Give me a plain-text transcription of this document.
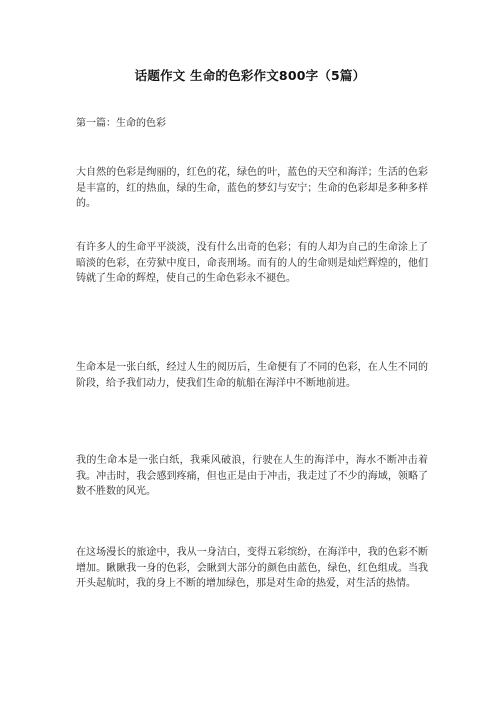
话题作文 生命的色彩作文800字（5篇）
第一篇：生命的色彩
大自然的色彩是绚丽的，红色的花，绿色的叶，蓝色的天空和海洋；生活的色彩是丰富的，红的热血，绿的生命，蓝色的梦幻与安宁；生命的色彩却是多种多样的。
有许多人的生命平平淡淡，没有什么出奇的色彩；有的人却为自己的生命涂上了暗淡的色彩，在劳狱中度日，命丧刑场。而有的人的生命则是灿烂辉煌的，他们铸就了生命的辉煌，使自己的生命色彩永不褪色。
生命本是一张白纸，经过人生的阅历后，生命便有了不同的色彩，在人生不同的阶段，给予我们动力，使我们生命的航船在海洋中不断地前进。
我的生命本是一张白纸，我乘风破浪，行驶在人生的海洋中，海水不断冲击着我。冲击时，我会感到疼痛，但也正是由于冲击，我走过了不少的海域，领略了数不胜数的风光。
在这场漫长的旅途中，我从一身洁白，变得五彩缤纷，在海洋中，我的色彩不断增加。瞅瞅我一身的色彩，会瞅到大部分的颜色由蓝色，绿色，红色组成。当我开头起航时，我的身上不断的增加绿色，那是对生命的热爱，对生活的热情。
